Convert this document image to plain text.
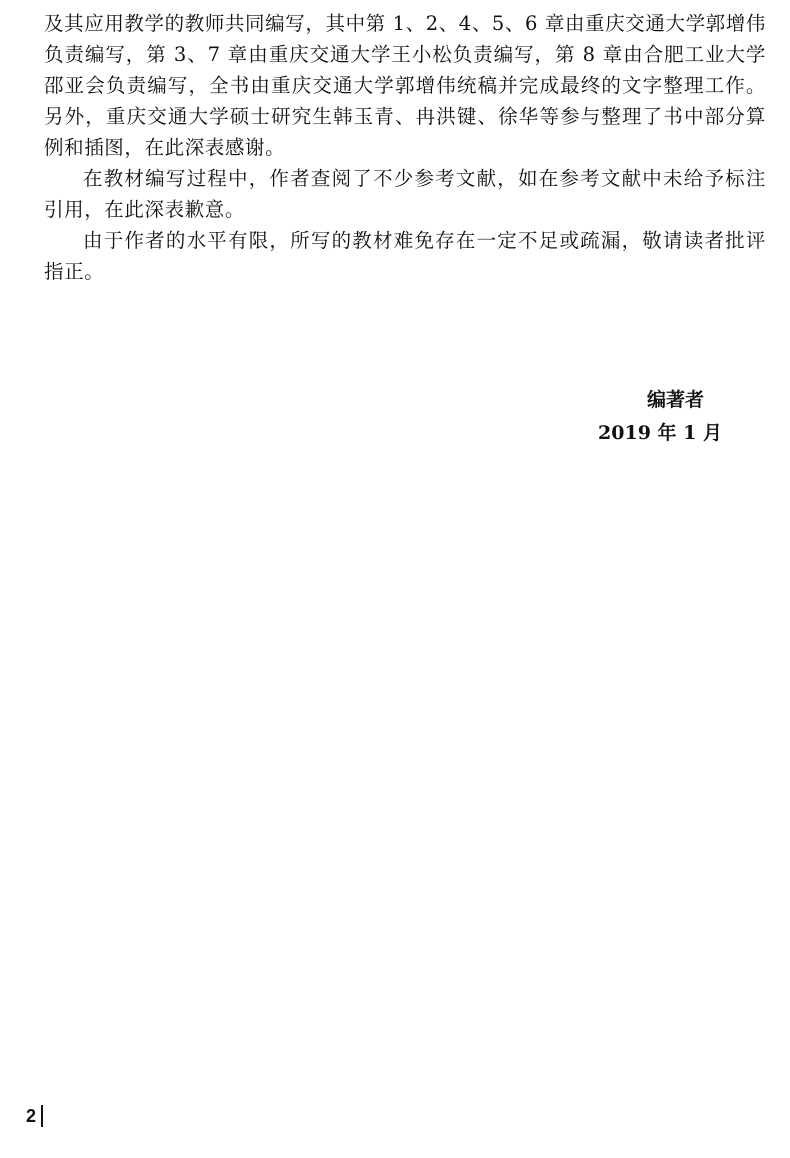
及其应用教学的教师共同编写，其中第 1、2、4、5、6 章由重庆交通大学郭增伟负责编写，第 3、7 章由重庆交通大学王小松负责编写，第 8 章由合肥工业大学邵亚会负责编写，全书由重庆交通大学郭增伟统稿并完成最终的文字整理工作。另外，重庆交通大学硕士研究生韩玉青、冉洪键、徐华等参与整理了书中部分算例和插图，在此深表感谢。

在教材编写过程中，作者查阅了不少参考文献，如在参考文献中未给予标注引用，在此深表歉意。

由于作者的水平有限，所写的教材难免存在一定不足或疏漏，敬请读者批评指正。

编著者
2019 年 1 月
2
